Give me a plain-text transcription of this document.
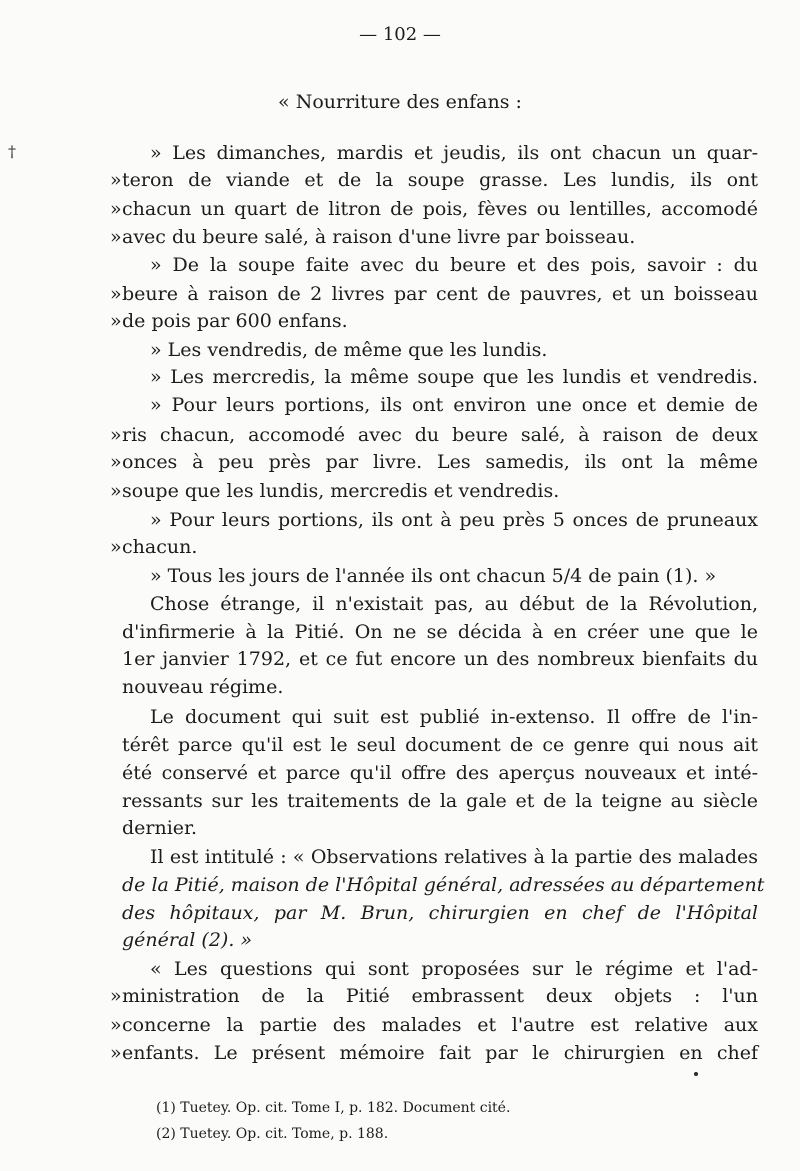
— 102 —
†
« Nourriture des enfans :
» Les dimanches, mardis et jeudis, ils ont chacun un quar-
teron de viande et de la soupe grasse. Les lundis, ils ont
»
chacun un quart de litron de pois, fèves ou lentilles, accomodé
»
avec du beure salé, à raison d'une livre par boisseau.
»
» De la soupe faite avec du beure et des pois, savoir : du
beure à raison de 2 livres par cent de pauvres, et un boisseau
»
de pois par 600 enfans.
»
» Les vendredis, de même que les lundis.
» Les mercredis, la même soupe que les lundis et vendredis.
» Pour leurs portions, ils ont environ une once et demie de
ris chacun, accomodé avec du beure salé, à raison de deux
»
onces à peu près par livre. Les samedis, ils ont la même
»
soupe que les lundis, mercredis et vendredis.
»
» Pour leurs portions, ils ont à peu près 5 onces de pruneaux
chacun.
»
» Tous les jours de l'année ils ont chacun 5/4 de pain (1). »
Chose étrange, il n'existait pas, au début de la Révolution,
d'infirmerie à la Pitié. On ne se décida à en créer une que le
1er janvier 1792, et ce fut encore un des nombreux bienfaits du
nouveau régime.
Le document qui suit est publié in-extenso. Il offre de l'in-
térêt parce qu'il est le seul document de ce genre qui nous ait
été conservé et parce qu'il offre des aperçus nouveaux et inté-
ressants sur les traitements de la gale et de la teigne au siècle
dernier.
Il est intitulé : « Observations relatives à la partie des malades
de la Pitié, maison de l'Hôpital général, adressées au département
des hôpitaux, par M. Brun, chirurgien en chef de l'Hôpital
général (2). »
« Les questions qui sont proposées sur le régime et l'ad-
ministration de la Pitié embrassent deux objets : l'un
»
concerne la partie des malades et l'autre est relative aux
»
enfants. Le présent mémoire fait par le chirurgien en chef
»
(1) Tuetey. Op. cit. Tome I, p. 182. Document cité.
(2) Tuetey. Op. cit. Tome, p. 188.
